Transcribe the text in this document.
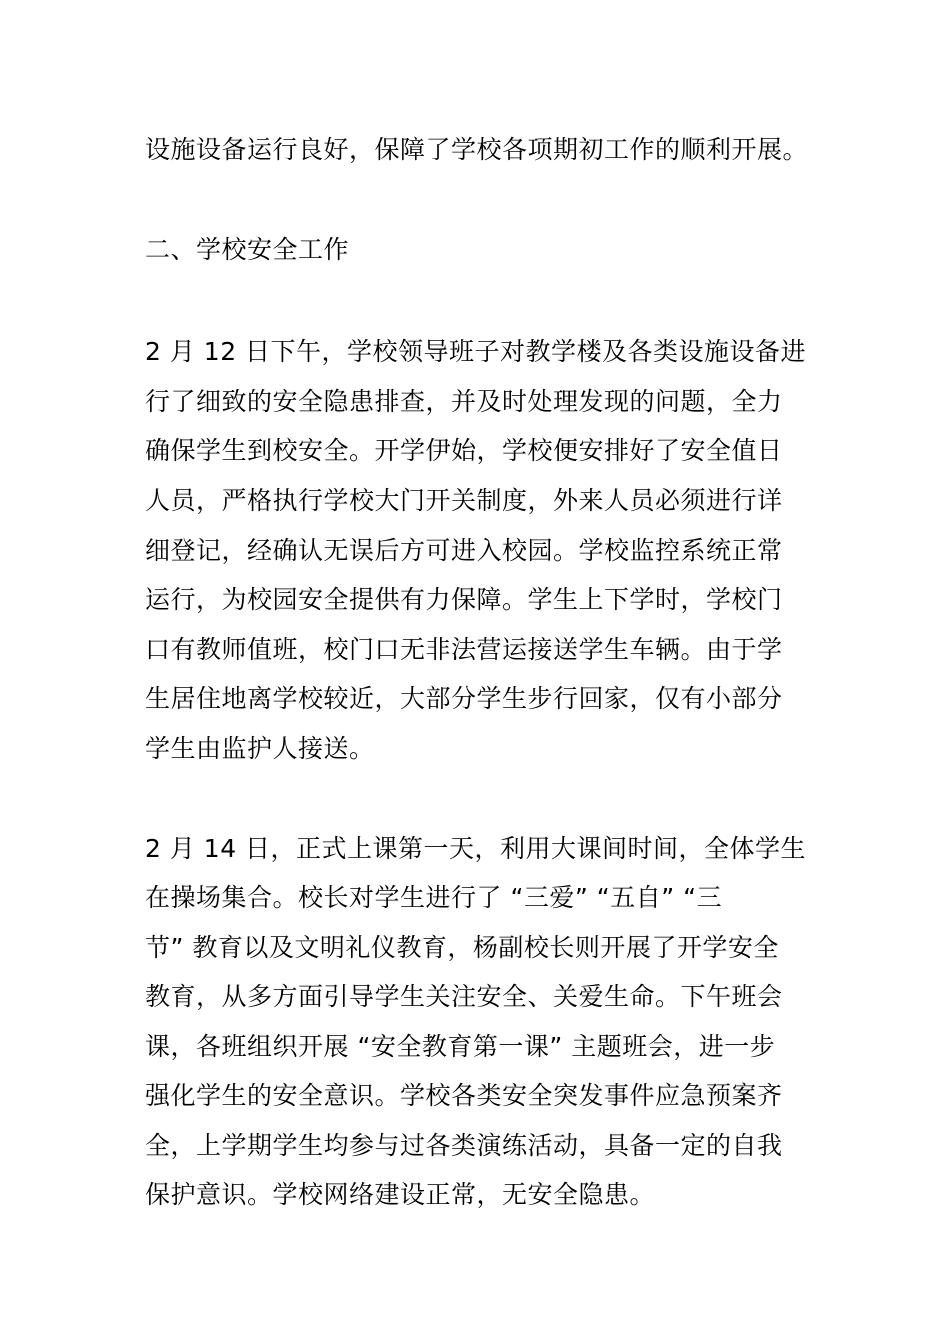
设施设备运行良好，保障了学校各项期初工作的顺利开展。
二、学校安全工作
2 月 12 日下午，学校领导班子对教学楼及各类设施设备进
行了细致的安全隐患排查，并及时处理发现的问题，全力
确保学生到校安全。开学伊始，学校便安排好了安全值日
人员，严格执行学校大门开关制度，外来人员必须进行详
细登记，经确认无误后方可进入校园。学校监控系统正常
运行，为校园安全提供有力保障。学生上下学时，学校门
口有教师值班，校门口无非法营运接送学生车辆。由于学
生居住地离学校较近，大部分学生步行回家，仅有小部分
学生由监护人接送。
2 月 14 日，正式上课第一天，利用大课间时间，全体学生
在操场集合。校长对学生进行了 “三爱” “五自” “三
节” 教育以及文明礼仪教育，杨副校长则开展了开学安全
教育，从多方面引导学生关注安全、关爱生命。下午班会
课，各班组织开展 “安全教育第一课” 主题班会，进一步
强化学生的安全意识。学校各类安全突发事件应急预案齐
全，上学期学生均参与过各类演练活动，具备一定的自我
保护意识。学校网络建设正常，无安全隐患。
